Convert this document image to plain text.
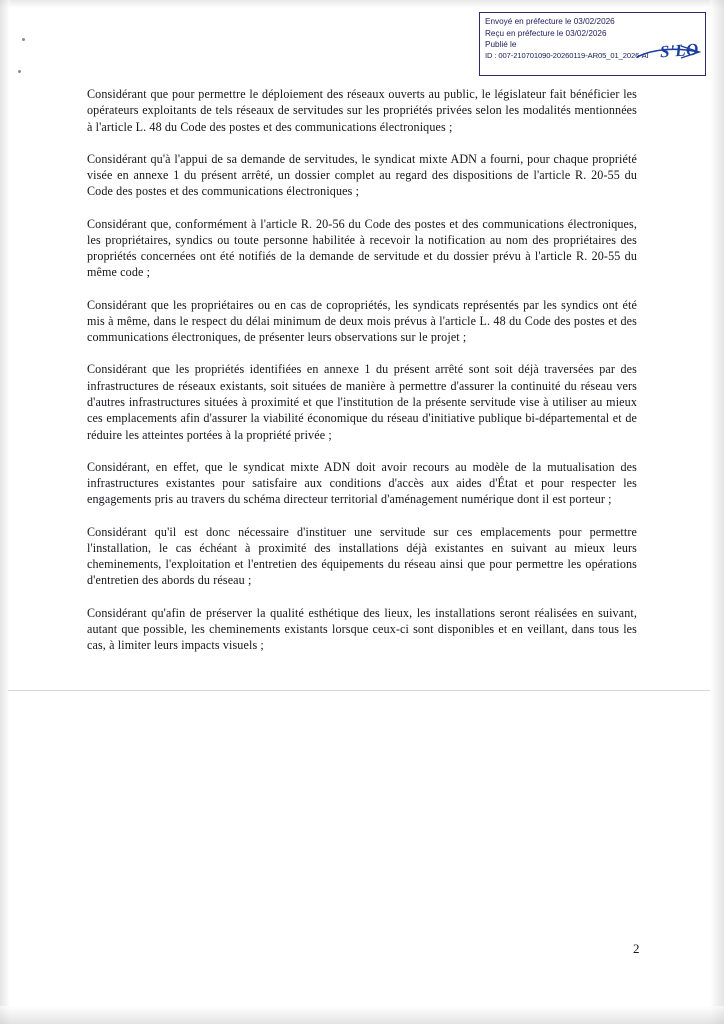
Envoyé en préfecture le 03/02/2026
Reçu en préfecture le 03/02/2026
Publié le
ID : 007-210701090-20260119-AR05_01_2026-AI S'LO

Considérant que pour permettre le déploiement des réseaux ouverts au public, le législateur fait bénéficier les opérateurs exploitants de tels réseaux de servitudes sur les propriétés privées selon les modalités mentionnées à l'article L. 48 du Code des postes et des communications électroniques ;

Considérant qu'à l'appui de sa demande de servitudes, le syndicat mixte ADN a fourni, pour chaque propriété visée en annexe 1 du présent arrêté, un dossier complet au regard des dispositions de l'article R. 20-55 du Code des postes et des communications électroniques ;

Considérant que, conformément à l'article R. 20-56 du Code des postes et des communications électroniques, les propriétaires, syndics ou toute personne habilitée à recevoir la notification au nom des propriétaires des propriétés concernées ont été notifiés de la demande de servitude et du dossier prévu à l'article R. 20-55 du même code ;

Considérant que les propriétaires ou en cas de copropriétés, les syndicats représentés par les syndics ont été mis à même, dans le respect du délai minimum de deux mois prévus à l'article L. 48 du Code des postes et des communications électroniques, de présenter leurs observations sur le projet ;

Considérant que les propriétés identifiées en annexe 1 du présent arrêté sont soit déjà traversées par des infrastructures de réseaux existants, soit situées de manière à permettre d'assurer la continuité du réseau vers d'autres infrastructures situées à proximité et que l'institution de la présente servitude vise à utiliser au mieux ces emplacements afin d'assurer la viabilité économique du réseau d'initiative publique bi-départemental et de réduire les atteintes portées à la propriété privée ;

Considérant, en effet, que le syndicat mixte ADN doit avoir recours au modèle de la mutualisation des infrastructures existantes pour satisfaire aux conditions d'accès aux aides d'État et pour respecter les engagements pris au travers du schéma directeur territorial d'aménagement numérique dont il est porteur ;

Considérant qu'il est donc nécessaire d'instituer une servitude sur ces emplacements pour permettre l'installation, le cas échéant à proximité des installations déjà existantes en suivant au mieux leurs cheminements, l'exploitation et l'entretien des équipements du réseau ainsi que pour permettre les opérations d'entretien des abords du réseau ;

Considérant qu'afin de préserver la qualité esthétique des lieux, les installations seront réalisées en suivant, autant que possible, les cheminements existants lorsque ceux-ci sont disponibles et en veillant, dans tous les cas, à limiter leurs impacts visuels ;

2
